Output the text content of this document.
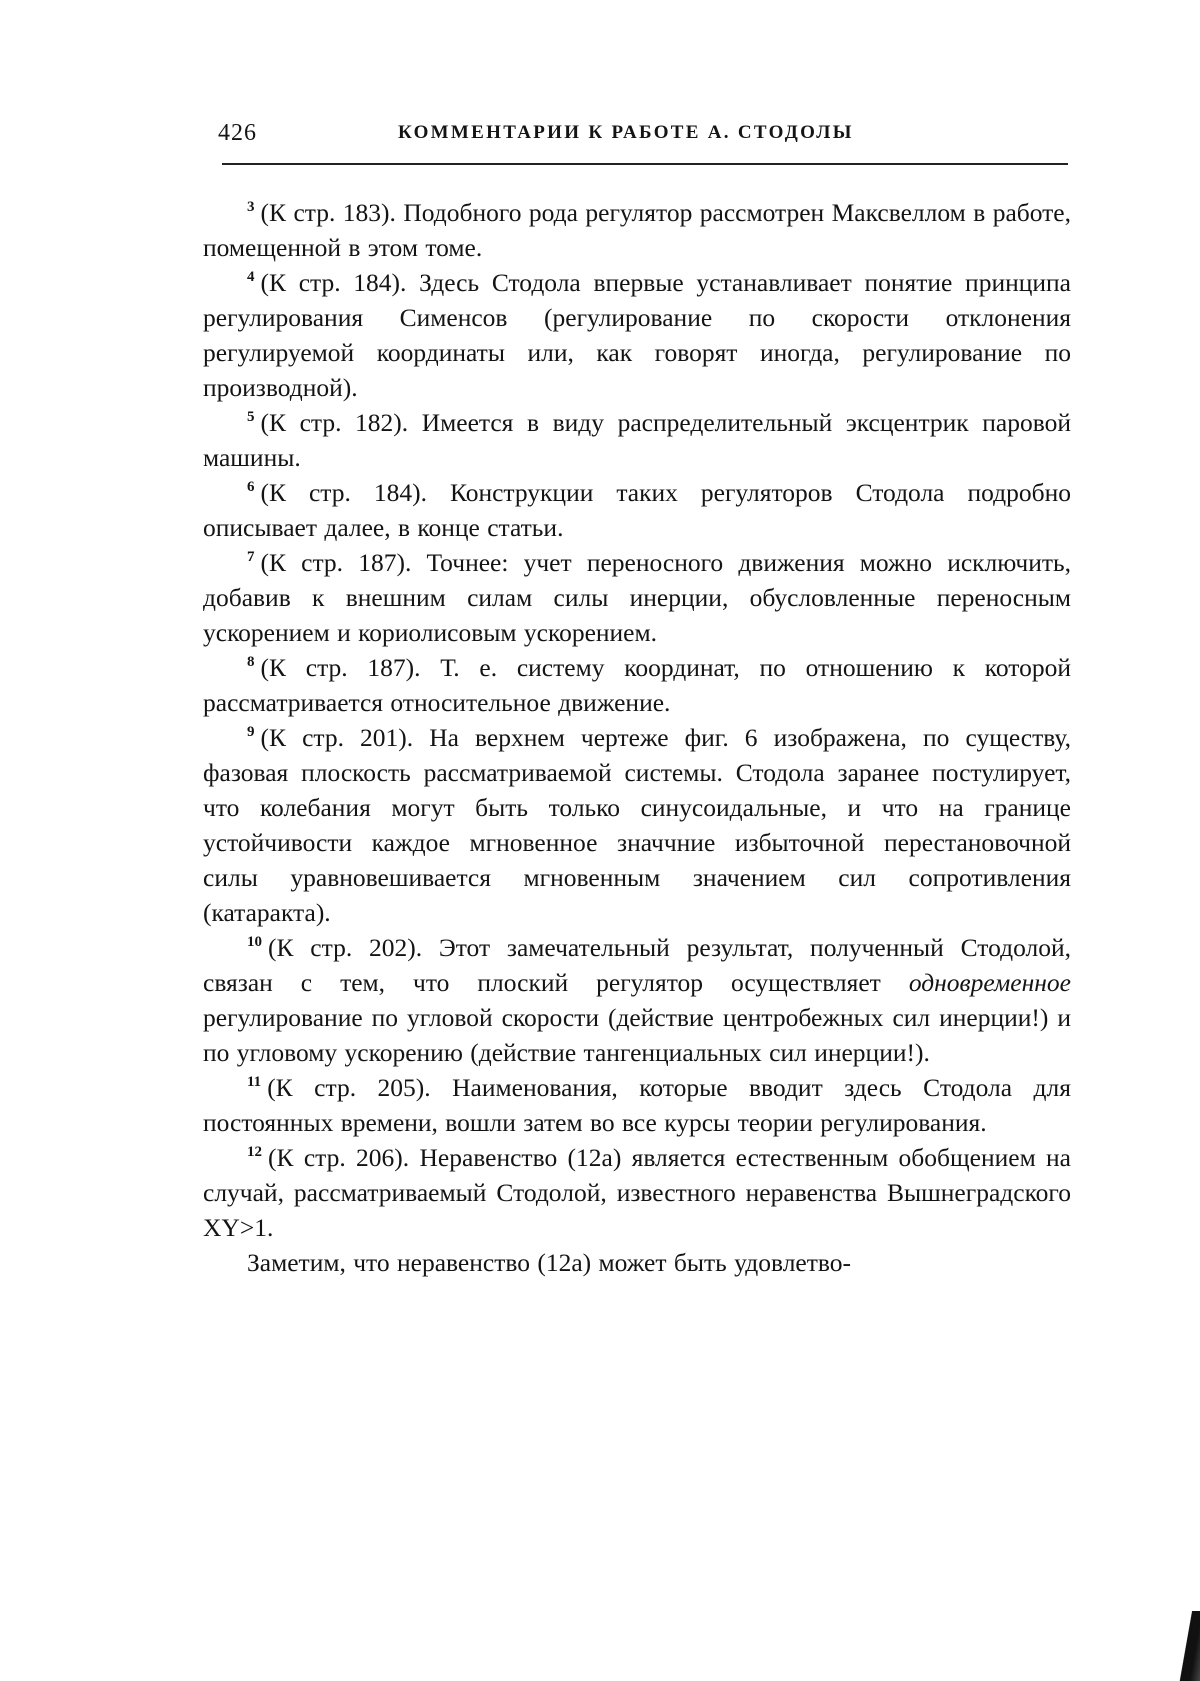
426	КОММЕНТАРИИ К РАБОТЕ А. СТОДОЛЫ

$^3$ (К стр. 183). Подобного рода регулятор рассмотрен Максвеллом в работе, помещенной в этом томе.

$^4$ (К стр. 184). Здесь Стодола впервые устанавливает понятие принципа регулирования Сименсов (регулирование по скорости отклонения регулируемой координаты или, как говорят иногда, регулирование по производной).

$^5$ (К стр. 182). Имеется в виду распределительный эксцентрик паровой машины.

$^6$ (К стр. 184). Конструкции таких регуляторов Стодола подробно описывает далее, в конце статьи.

$^7$ (К стр. 187). Точнее: учет переносного движения можно исключить, добавив к внешним силам силы инерции, обусловленные переносным ускорением и кориолисовым ускорением.

$^8$ (К стр. 187). Т. е. систему координат, по отношению к которой рассматривается относительное движение.

$^9$ (К стр. 201). На верхнем чертеже фиг. 6 изображена, по существу, фазовая плоскость рассматриваемой системы. Стодола заранее постулирует, что колебания могут быть только синусоидальные, и что на границе устойчивости каждое мгновенное значчние избыточной перестановочной силы уравновешивается мгновенным значением сил сопротивления (катаракта).

$^{10}$ (К стр. 202). Этот замечательный результат, полученный Стодолой, связан с тем, что плоский регулятор осуществляет одновременное регулирование по угловой скорости (действие центробежных сил инерции!) и по угловому ускорению (действие тангенциальных сил инерции!).

$^{11}$ (К стр. 205). Наименования, которые вводит здесь Стодола для постоянных времени, вошли затем во все курсы теории регулирования.

$^{12}$ (К стр. 206). Неравенство (12а) является естественным обобщением на случай, рассматриваемый Стодолой, известного неравенства Вышнеградского XY>1.

Заметим, что неравенство (12а) может быть удовлетво-
